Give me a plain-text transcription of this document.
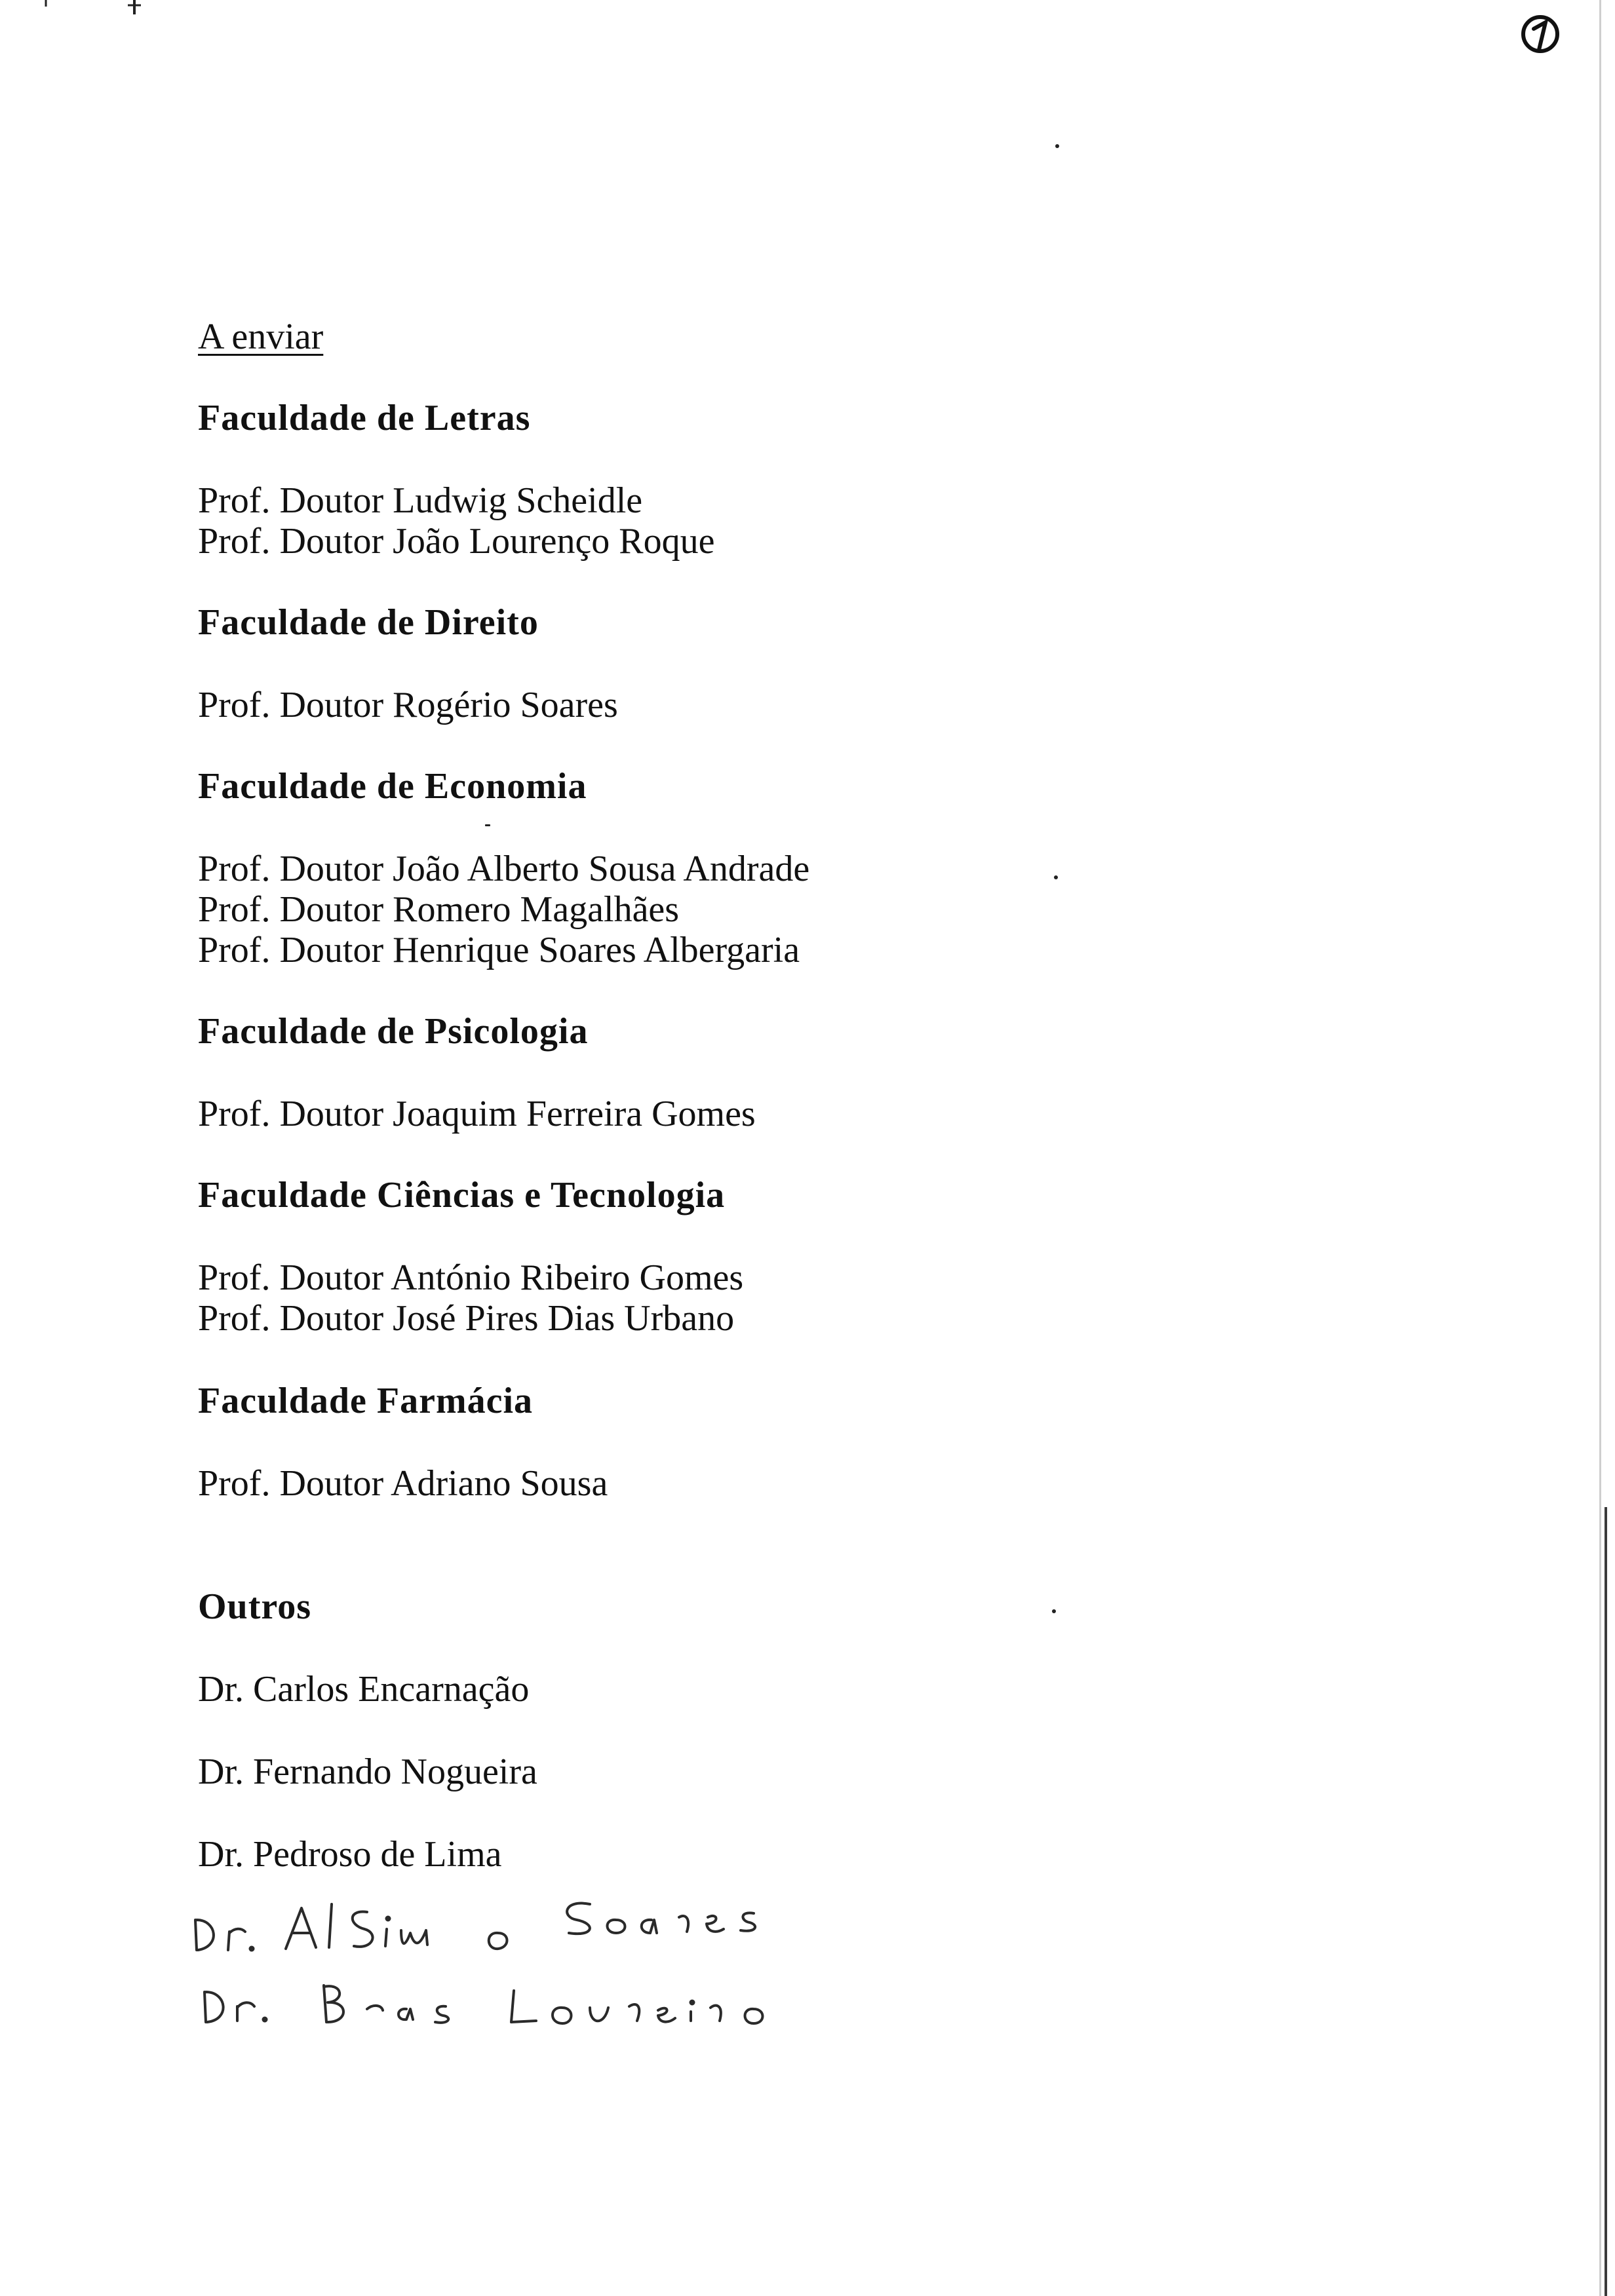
A enviar

Faculdade de Letras

Prof. Doutor Ludwig Scheidle

Prof. Doutor João Lourenço Roque

Faculdade de Direito

Prof. Doutor Rogério Soares

Faculdade de Economia

Prof. Doutor João Alberto Sousa Andrade

Prof. Doutor Romero Magalhães

Prof. Doutor Henrique Soares Albergaria

Faculdade de Psicologia

Prof. Doutor Joaquim Ferreira Gomes

Faculdade Ciências e Tecnologia

Prof. Doutor António Ribeiro Gomes

Prof. Doutor José Pires Dias Urbano

Faculdade Farmácia

Prof. Doutor Adriano Sousa

Outros

Dr. Carlos Encarnação

Dr. Fernando Nogueira

Dr. Pedroso de Lima
